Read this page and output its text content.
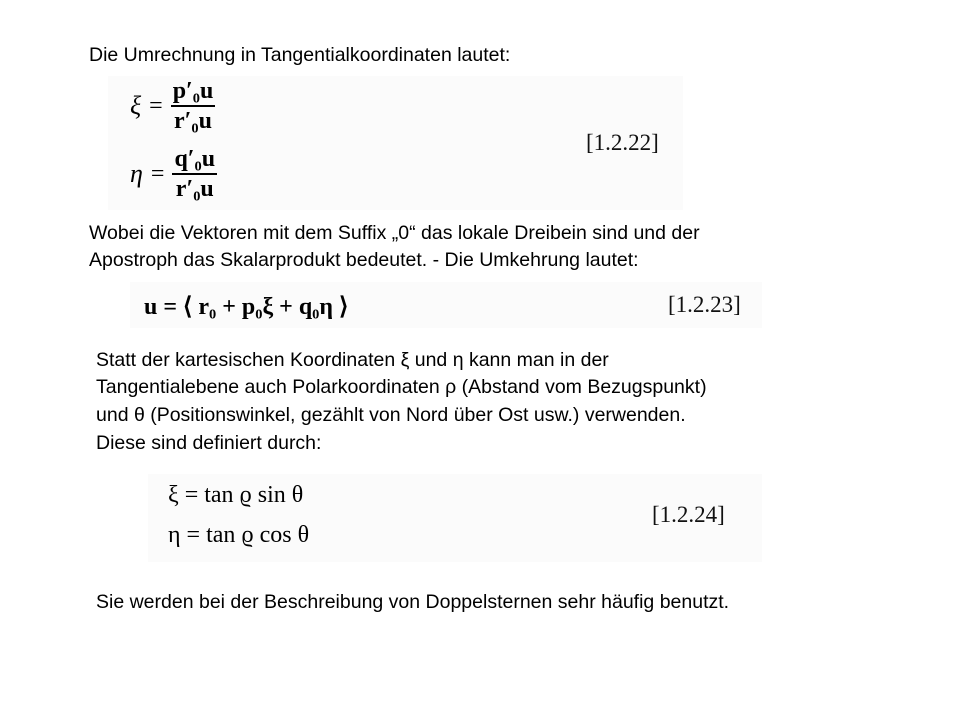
Die Umrechnung in Tangentialkoordinaten lautet:
$\xi = \frac{\text{p′₀u}}{\text{r′₀u}}$
$\eta = \frac{\text{q′₀u}}{\text{r′₀u}}$
[1.2.22]
Wobei die Vektoren mit dem Suffix „0“ das lokale Dreibein sind und der
Apostroph das Skalarprodukt bedeutet. - Die Umkehrung lautet:
u = ⟨ r₀ + p₀ξ + q₀η ⟩	[1.2.23]
Statt der kartesischen Koordinaten ξ und η kann man in der
Tangentialebene auch Polarkoordinaten ρ (Abstand vom Bezugspunkt)
und θ (Positionswinkel, gezählt von Nord über Ost usw.) verwenden.
Diese sind definiert durch:
ξ = tan ϱ sin θ
η = tan ϱ cos θ
[1.2.24]
Sie werden bei der Beschreibung von Doppelsternen sehr häufig benutzt.
